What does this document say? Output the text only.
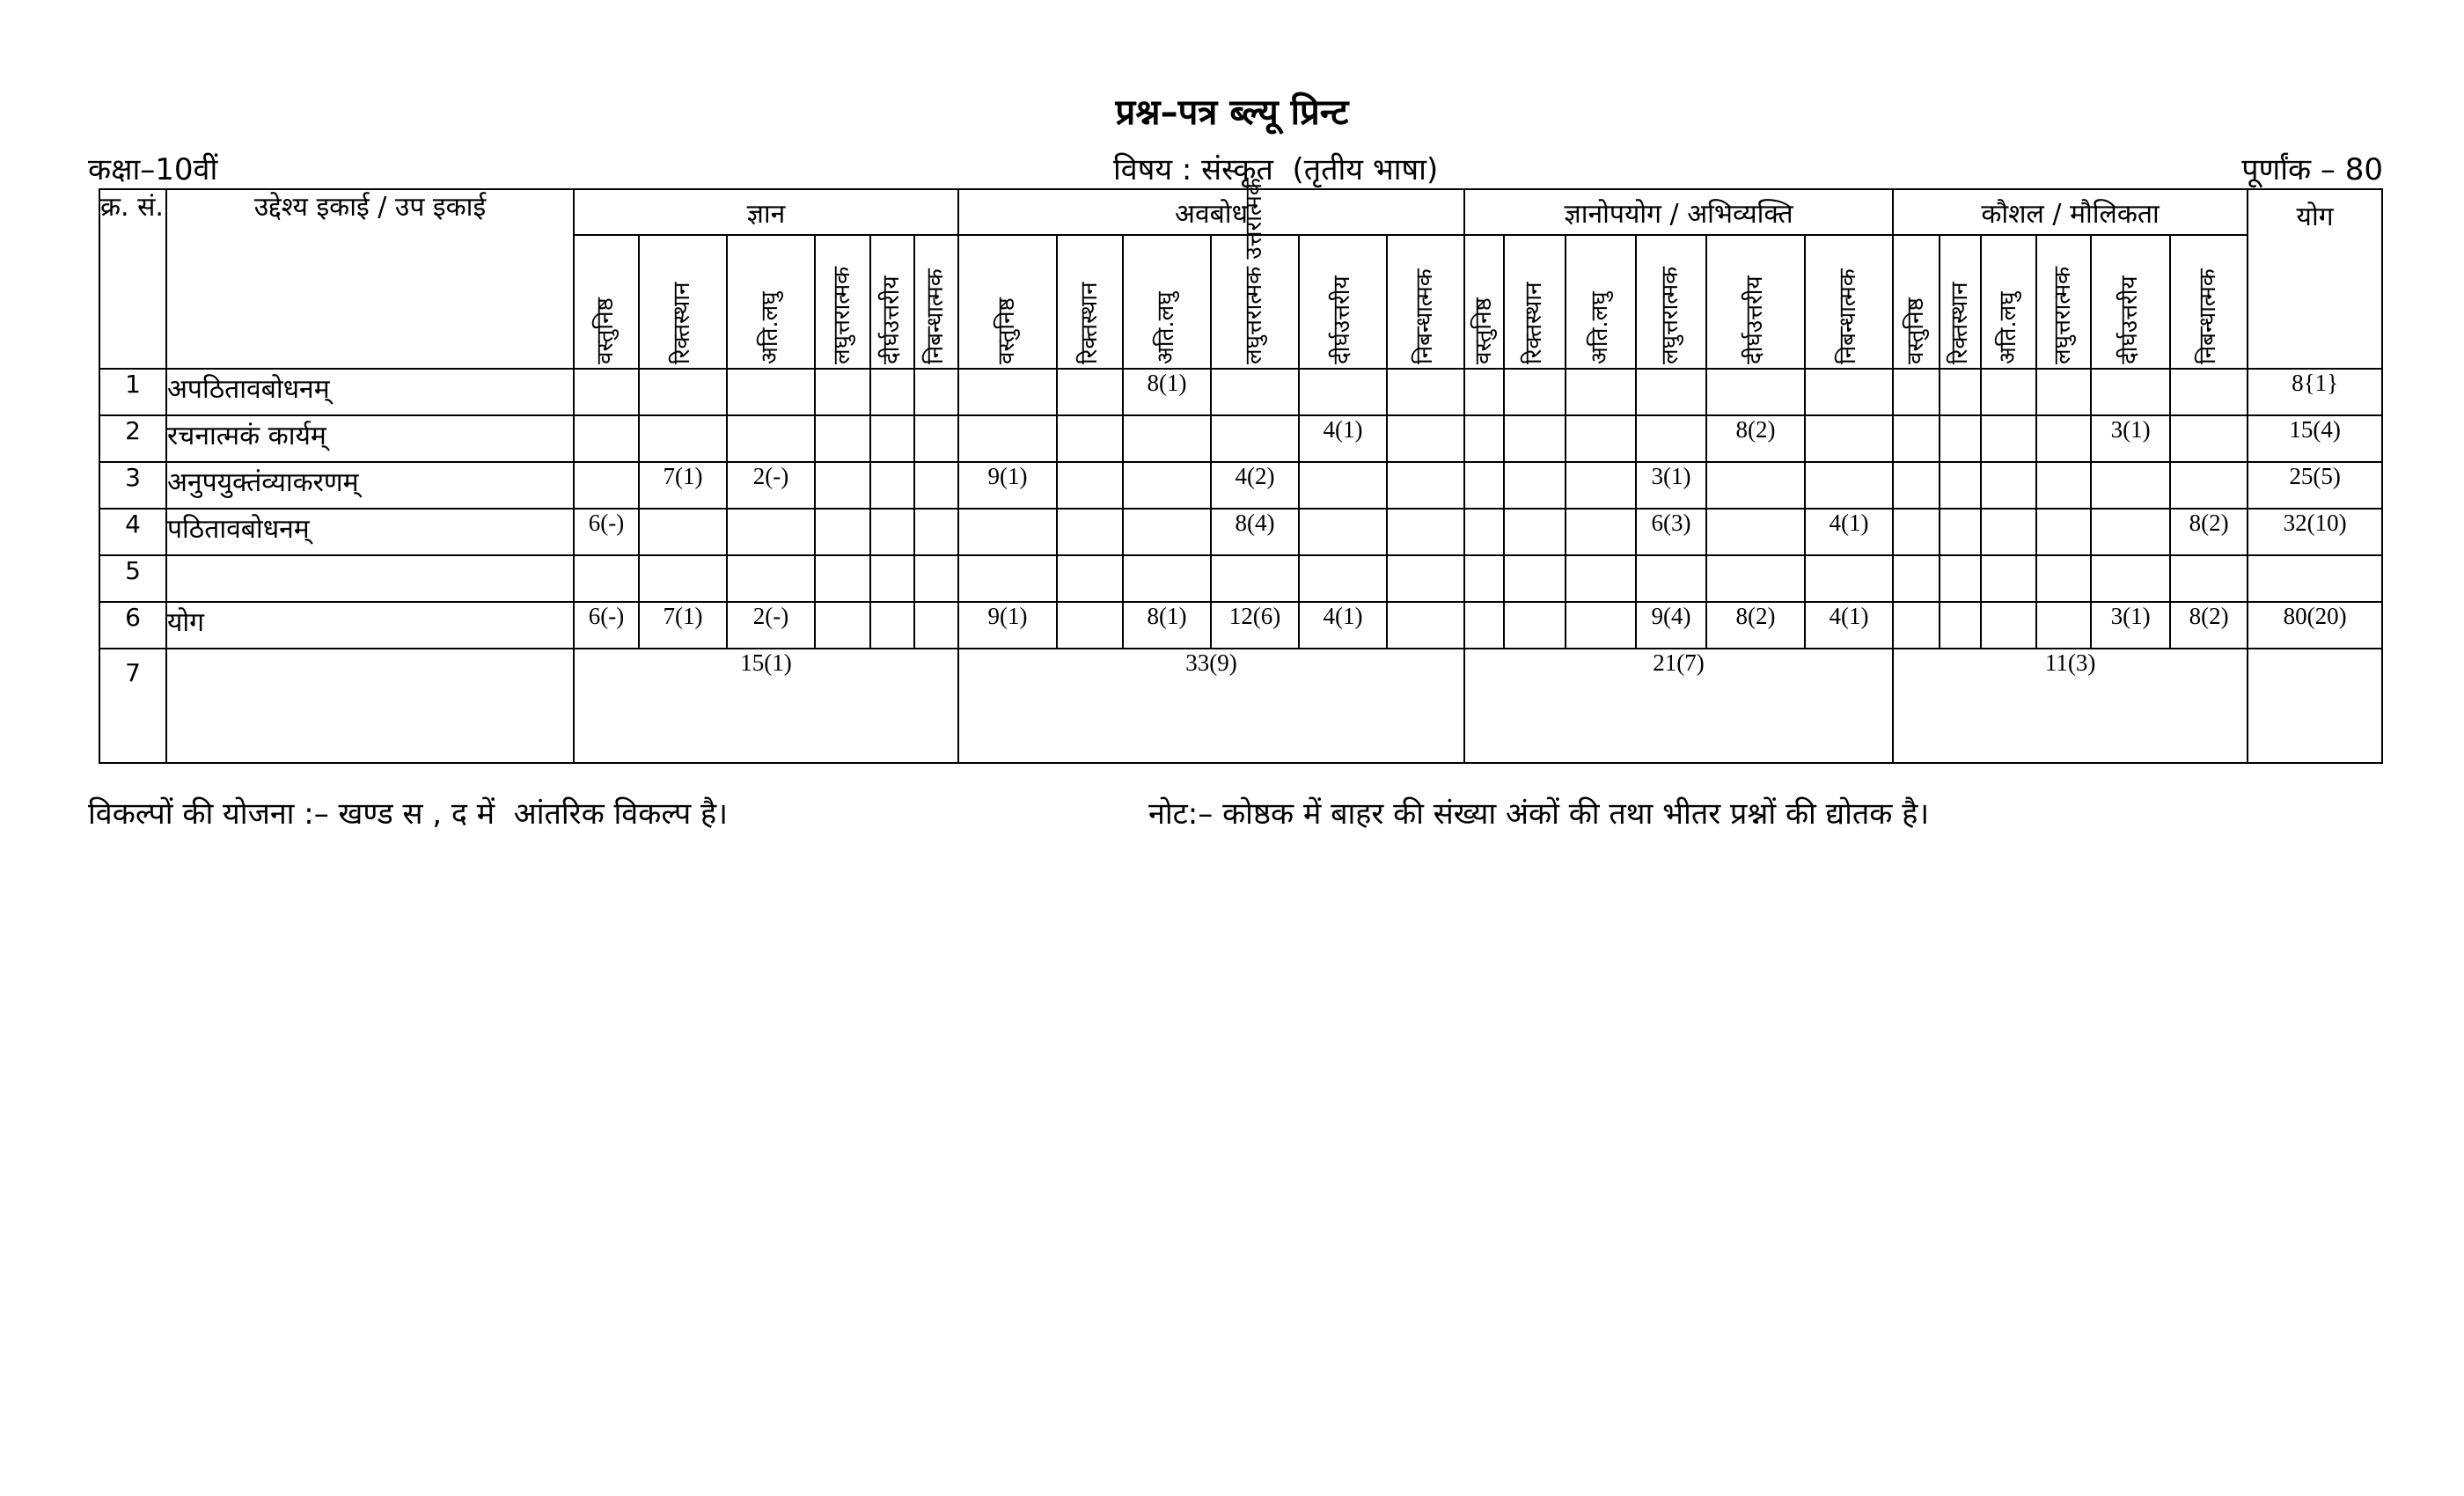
प्रश्न–पत्र ब्ल्यू प्रिन्ट
कक्षा–10वीं	विषय : संस्कृत  (तृतीय भाषा)	पूर्णांक – 80
क्र. सं.	उद्देश्य इकाई / उप इकाई	ज्ञान						अवबोध						ज्ञानोपयोग / अभिव्यक्ति						कौशल / मौलिकता						योग

		वस्तुनिष्ठ	रिक्तस्थान	अति.लघु	लघुत्तरात्मक	दीर्घउत्तरीय	निबन्धात्मक	वस्तुनिष्ठ	रिक्तस्थान	अति.लघु	लघुत्तरात्मक उत्तरात्मक	दीर्घउत्तरीय	निबन्धात्मक	वस्तुनिष्ठ	रिक्तस्थान	अति.लघु	लघुत्तरात्मक	दीर्घउत्तरीय	निबन्धात्मक	वस्तुनिष्ठ	रिक्तस्थान	अति.लघु	लघुत्तरात्मक	दीर्घउत्तरीय	निबन्धात्मक	

1	अपठितावबोधनम्									8(1)																8{1}
2	रचनात्मकं कार्यम्											4(1)						8(2)						3(1)		15(4)
3	अनुपयुक्तंव्याकरणम्		7(1)	2(-)				9(1)			4(2)						3(1)									25(5)
4	पठितावबोधनम्	6(-)									8(4)						6(3)		4(1)						8(2)	32(10)
5																										
6	योग	6(-)	7(1)	2(-)				9(1)		8(1)	12(6)	4(1)					9(4)	8(2)	4(1)					3(1)	8(2)	80(20)
7		15(1)						33(9)						21(7)						11(3)						
विकल्पों की योजना :– खण्ड स , द में  आंतरिक विकल्प है।	नोट:– कोष्ठक में बाहर की संख्या अंकों की तथा भीतर प्रश्नों की द्योतक है।
